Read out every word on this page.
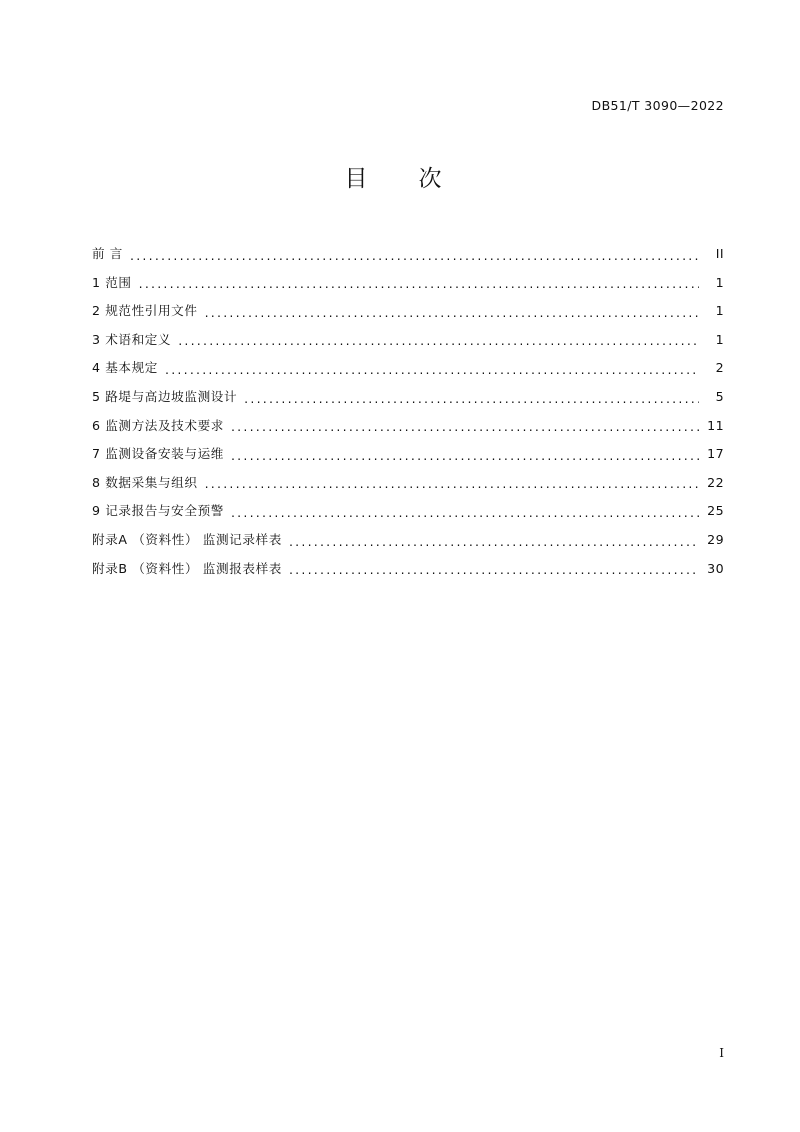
DB51/T 3090—2022
目　次
前 言 .....	II
1 范围 .....	1
2 规范性引用文件 .....	1
3 术语和定义 .....	1
4 基本规定 .....	2
5 路堤与高边坡监测设计 .....	5
6 监测方法及技术要求 .....	11
7 监测设备安装与运维 .....	17
8 数据采集与组织 .....	22
9 记录报告与安全预警 .....	25
附录A （资料性） 监测记录样表 .....	29
附录B （资料性） 监测报表样表 .....	30
I
